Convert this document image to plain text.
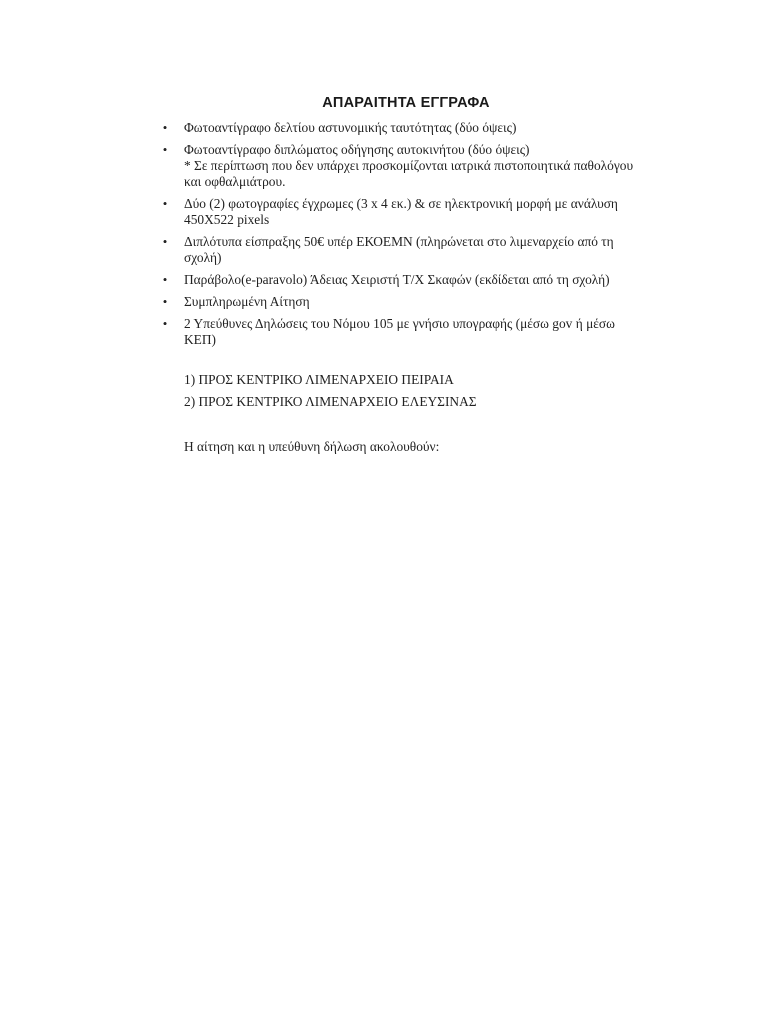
ΑΠΑΡΑΙΤΗΤΑ ΕΓΓΡΑΦΑ
• Φωτοαντίγραφο δελτίου αστυνομικής ταυτότητας (δύο όψεις)
• Φωτοαντίγραφο διπλώματος οδήγησης αυτοκινήτου (δύο όψεις)
* Σε περίπτωση που δεν υπάρχει προσκομίζονται ιατρικά πιστοποιητικά παθολόγου και οφθαλμιάτρου.
• Δύο (2) φωτογραφίες έγχρωμες (3 x 4 εκ.) & σε ηλεκτρονική μορφή με ανάλυση 450X522 pixels
• Διπλότυπα είσπραξης 50€ υπέρ ΕΚΟΕΜΝ (πληρώνεται στο λιμεναρχείο από τη σχολή)
• Παράβολο(e-paravolo) Άδειας Χειριστή Τ/Χ Σκαφών (εκδίδεται από τη σχολή)
• Συμπληρωμένη Αίτηση
• 2 Υπεύθυνες Δηλώσεις του Νόμου 105 με γνήσιο υπογραφής (μέσω gov ή μέσω ΚΕΠ)
1) ΠΡΟΣ ΚΕΝΤΡΙΚΟ ΛΙΜΕΝΑΡΧΕΙΟ ΠΕΙΡΑΙΑ
2) ΠΡΟΣ ΚΕΝΤΡΙΚΟ ΛΙΜΕΝΑΡΧΕΙΟ ΕΛΕΥΣΙΝΑΣ
Η αίτηση και η υπεύθυνη δήλωση ακολουθούν:
